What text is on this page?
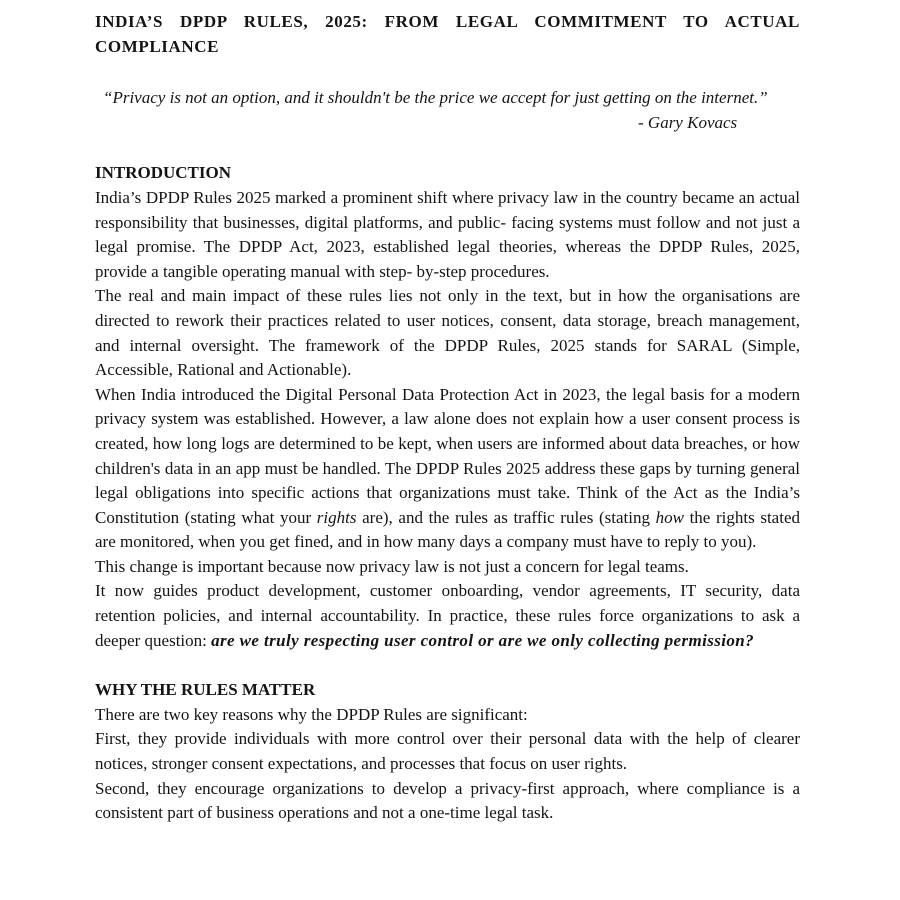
INDIA’S DPDP RULES, 2025: FROM LEGAL COMMITMENT TO ACTUAL COMPLIANCE

“Privacy is not an option, and it shouldn't be the price we accept for just getting on the internet.”

- Gary Kovacs

INTRODUCTION

India’s DPDP Rules 2025 marked a prominent shift where privacy law in the country became an actual responsibility that businesses, digital platforms, and public- facing systems must follow and not just a legal promise. The DPDP Act, 2023, established legal theories, whereas the DPDP Rules, 2025, provide a tangible operating manual with step- by-step procedures.

The real and main impact of these rules lies not only in the text, but in how the organisations are directed to rework their practices related to user notices, consent, data storage, breach management, and internal oversight. The framework of the DPDP Rules, 2025 stands for SARAL (Simple, Accessible, Rational and Actionable).

When India introduced the Digital Personal Data Protection Act in 2023, the legal basis for a modern privacy system was established. However, a law alone does not explain how a user consent process is created, how long logs are determined to be kept, when users are informed about data breaches, or how children's data in an app must be handled. The DPDP Rules 2025 address these gaps by turning general legal obligations into specific actions that organizations must take. Think of the Act as the India’s Constitution (stating what your rights are), and the rules as traffic rules (stating how the rights stated are monitored, when you get fined, and in how many days a company must have to reply to you).

This change is important because now privacy law is not just a concern for legal teams.

It now guides product development, customer onboarding, vendor agreements, IT security, data retention policies, and internal accountability. In practice, these rules force organizations to ask a deeper question: are we truly respecting user control or are we only collecting permission?

WHY THE RULES MATTER

There are two key reasons why the DPDP Rules are significant:

First, they provide individuals with more control over their personal data with the help of clearer notices, stronger consent expectations, and processes that focus on user rights.

Second, they encourage organizations to develop a privacy-first approach, where compliance is a consistent part of business operations and not a one-time legal task.
